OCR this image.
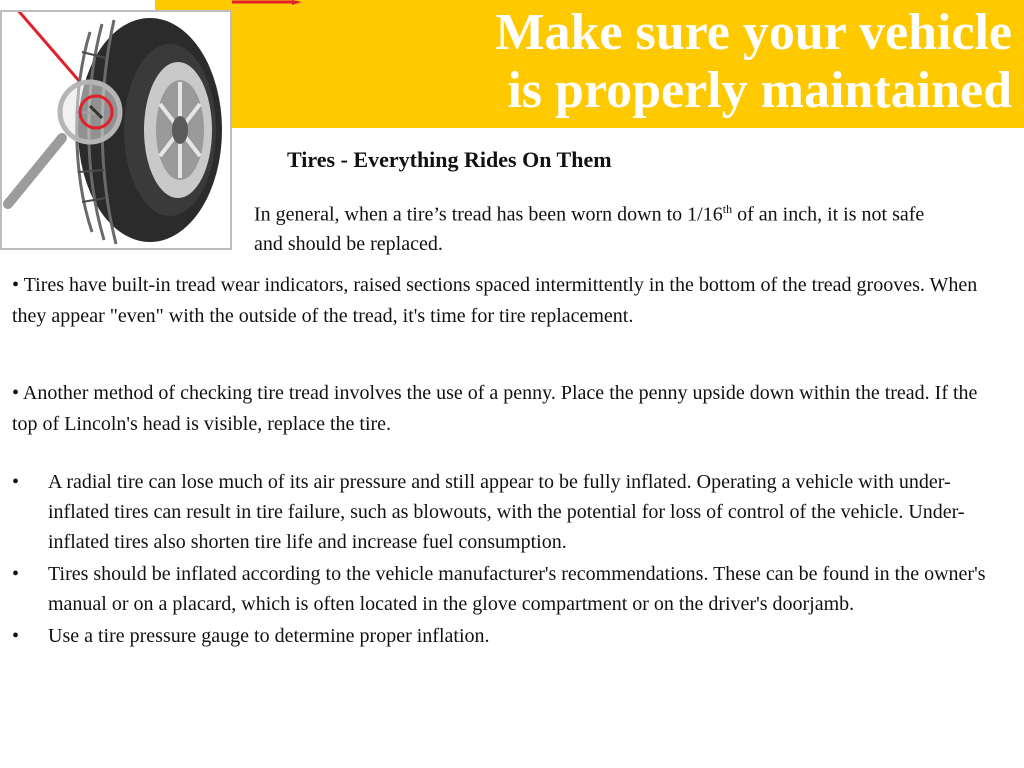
Make sure your vehicle
is properly maintained
Tires - Everything Rides On Them

In general, when a tire’s tread has been worn down to 1/16th of an inch, it is not safe and should be replaced.

• Tires have built-in tread wear indicators, raised sections spaced intermittently in the bottom of the tread grooves. When they appear "even" with the outside of the tread, it's time for tire replacement.

• Another method of checking tire tread involves the use of a penny. Place the penny upside down within the tread. If the top of Lincoln's head is visible, replace the tire.

• A radial tire can lose much of its air pressure and still appear to be fully inflated. Operating a vehicle with under-inflated tires can result in tire failure, such as blowouts, with the potential for loss of control of the vehicle. Under-inflated tires also shorten tire life and increase fuel consumption.
• Tires should be inflated according to the vehicle manufacturer's recommendations. These can be found in the owner's manual or on a placard, which is often located in the glove compartment or on the driver's doorjamb.
• Use a tire pressure gauge to determine proper inflation.
